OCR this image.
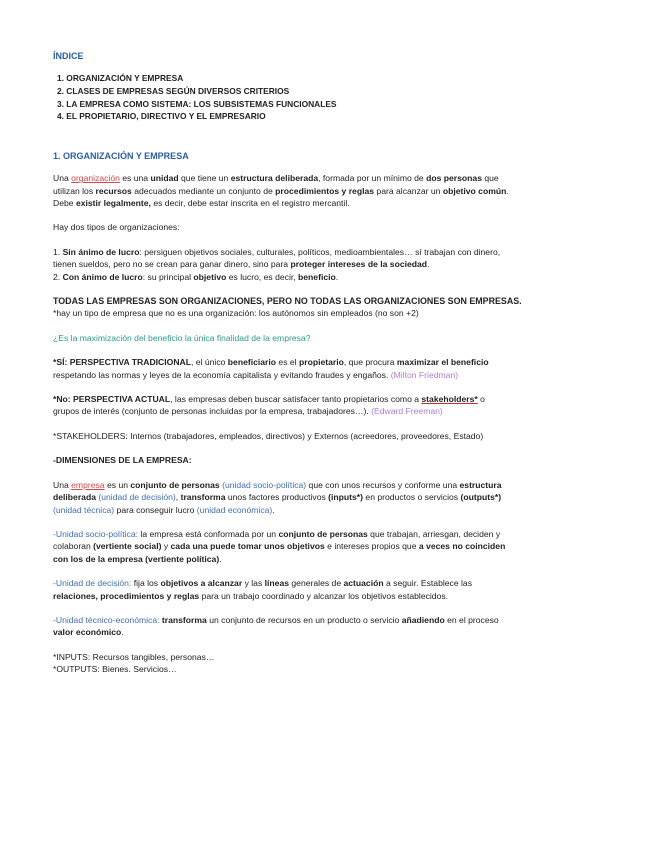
ÍNDICE
1. ORGANIZACIÓN Y EMPRESA
2. CLASES DE EMPRESAS SEGÚN DIVERSOS CRITERIOS
3. LA EMPRESA COMO SISTEMA: LOS SUBSISTEMAS FUNCIONALES
4. EL PROPIETARIO, DIRECTIVO Y EL EMPRESARIO
1. ORGANIZACIÓN Y EMPRESA

Una organización es una unidad que tiene un estructura deliberada, formada por un mínimo de dos personas que
utilizan los recursos adecuados mediante un conjunto de procedimientos y reglas para alcanzar un objetivo común.
Debe existir legalmente, es decir, debe estar inscrita en el registro mercantil.

Hay dos tipos de organizaciones:

1. Sin ánimo de lucro: persiguen objetivos sociales, culturales, políticos, medioambientales… sí trabajan con dinero,
tienen sueldos, pero no se crean para ganar dinero, sino para proteger intereses de la sociedad.
2. Con ánimo de lucro: su principal objetivo es lucro, es decir, beneficio.

TODAS LAS EMPRESAS SON ORGANIZACIONES, PERO NO TODAS LAS ORGANIZACIONES SON EMPRESAS.
*hay un tipo de empresa que no es una organización: los autónomos sin empleados (no son +2)

¿Es la maximización del beneficio la única finalidad de la empresa?

*SÍ: PERSPECTIVA TRADICIONAL, el único beneficiario es el propietario, que procura maximizar el beneficio
respetando las normas y leyes de la economía capitalista y evitando fraudes y engaños. (Milton Friedman)

*No: PERSPECTIVA ACTUAL, las empresas deben buscar satisfacer tanto propietarios como a stakeholders* o
grupos de interés (conjunto de personas incluidas por la empresa, trabajadores…). (Edward Freeman)

*STAKEHOLDERS: Internos (trabajadores, empleados, directivos) y Externos (acreedores, proveedores, Estado)

-DIMENSIONES DE LA EMPRESA:

Una empresa es un conjunto de personas (unidad socio-política) que con unos recursos y conforme una estructura
deliberada (unidad de decisión), transforma unos factores productivos (inputs*) en productos o servicios (outputs*)
(unidad técnica) para conseguir lucro (unidad económica).

-Unidad socio-política: la empresa está conformada por un conjunto de personas que trabajan, arriesgan, deciden y
colaboran (vertiente social) y cada una puede tomar unos objetivos e intereses propios que a veces no coinciden
con los de la empresa (vertiente política).

-Unidad de decisión: fija los objetivos a alcanzar y las líneas generales de actuación a seguir. Establece las
relaciones, procedimientos y reglas para un trabajo coordinado y alcanzar los objetivos establecidos.

-Unidad técnico-económica: transforma un conjunto de recursos en un producto o servicio añadiendo en el proceso
valor económico.

*INPUTS: Recursos tangibles, personas…
*OUTPUTS: Bienes. Servicios…
